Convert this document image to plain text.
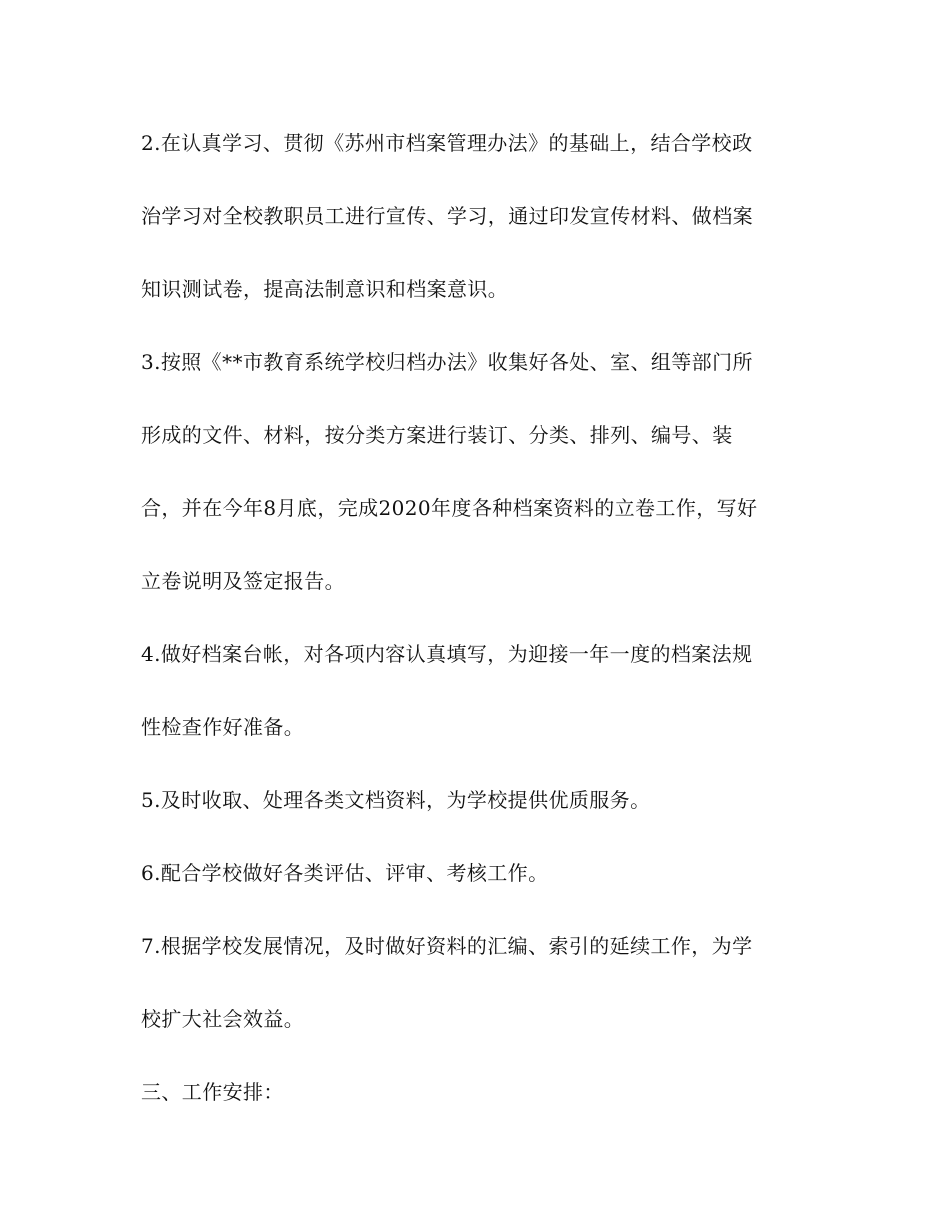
2.在认真学习、贯彻《苏州市档案管理办法》的基础上，结合学校政

治学习对全校教职员工进行宣传、学习，通过印发宣传材料、做档案

知识测试卷，提高法制意识和档案意识。

3.按照《**市教育系统学校归档办法》收集好各处、室、组等部门所

形成的文件、材料，按分类方案进行装订、分类、排列、编号、装

合，并在今年8月底，完成2020年度各种档案资料的立卷工作，写好

立卷说明及签定报告。

4.做好档案台帐，对各项内容认真填写，为迎接一年一度的档案法规

性检查作好准备。

5.及时收取、处理各类文档资料，为学校提供优质服务。

6.配合学校做好各类评估、评审、考核工作。

7.根据学校发展情况，及时做好资料的汇编、索引的延续工作，为学

校扩大社会效益。

三、工作安排：
